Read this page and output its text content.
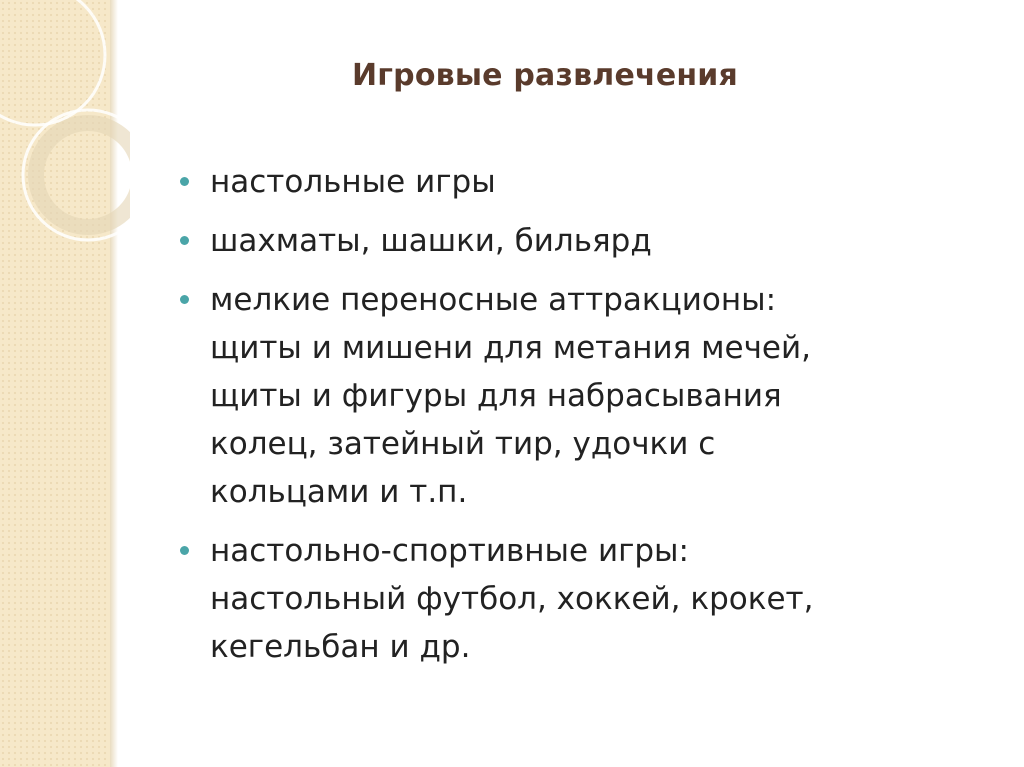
Игровые развлечения
настольные игры
шахматы, шашки, бильярд
мелкие переносные аттракционы:
щиты и мишени для метания мечей,
щиты и фигуры для набрасывания
колец, затейный тир, удочки с
кольцами и т.п.
настольно-спортивные игры:
настольный футбол, хоккей, крокет,
кегельбан и др.
